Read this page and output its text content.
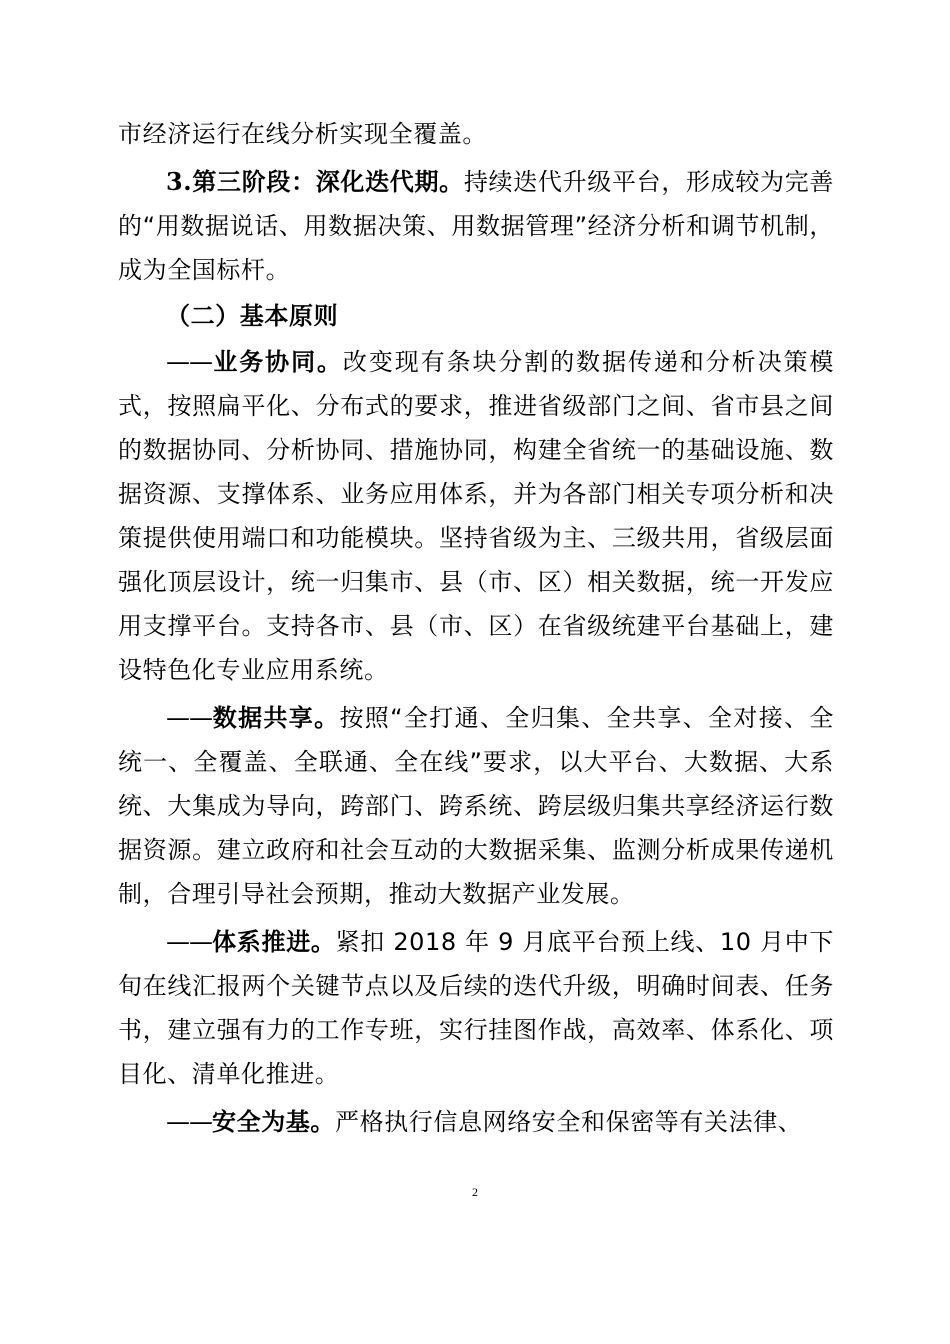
市经济运行在线分析实现全覆盖。

3.第三阶段：深化迭代期。持续迭代升级平台，形成较为完善的“用数据说话、用数据决策、用数据管理”经济分析和调节机制，成为全国标杆。

（二）基本原则

——业务协同。改变现有条块分割的数据传递和分析决策模式，按照扁平化、分布式的要求，推进省级部门之间、省市县之间的数据协同、分析协同、措施协同，构建全省统一的基础设施、数据资源、支撑体系、业务应用体系，并为各部门相关专项分析和决策提供使用端口和功能模块。坚持省级为主、三级共用，省级层面强化顶层设计，统一归集市、县（市、区）相关数据，统一开发应用支撑平台。支持各市、县（市、区）在省级统建平台基础上，建设特色化专业应用系统。

——数据共享。按照“全打通、全归集、全共享、全对接、全统一、全覆盖、全联通、全在线”要求，以大平台、大数据、大系统、大集成为导向，跨部门、跨系统、跨层级归集共享经济运行数据资源。建立政府和社会互动的大数据采集、监测分析成果传递机制，合理引导社会预期，推动大数据产业发展。

——体系推进。紧扣 2018 年 9 月底平台预上线、10 月中下旬在线汇报两个关键节点以及后续的迭代升级，明确时间表、任务书，建立强有力的工作专班，实行挂图作战，高效率、体系化、项目化、清单化推进。

——安全为基。严格执行信息网络安全和保密等有关法律、

2
